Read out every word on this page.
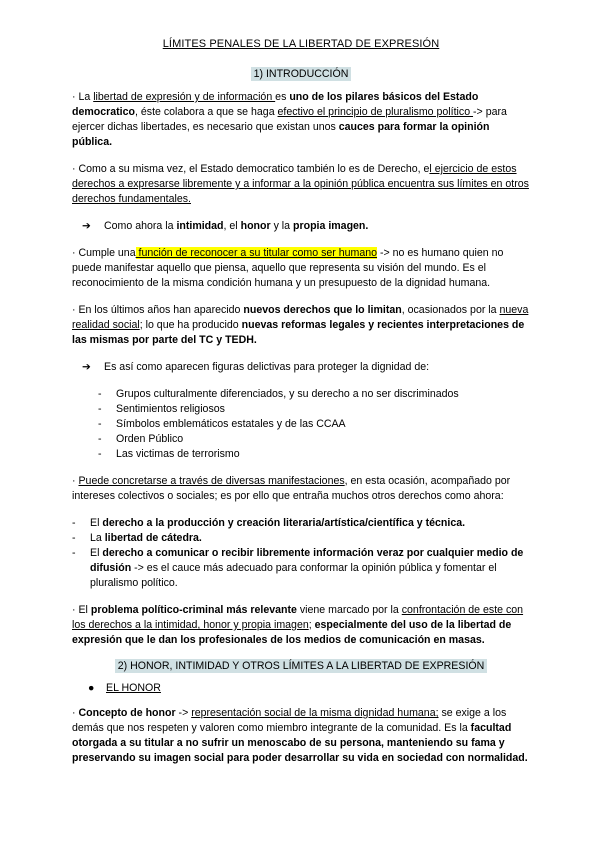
LÍMITES PENALES DE LA LIBERTAD DE EXPRESIÓN
1) INTRODUCCIÓN

· La libertad de expresión y de información es uno de los pilares básicos del Estado democratico, éste colabora a que se haga efectivo el principio de pluralismo político -> para ejercer dichas libertades, es necesario que existan unos cauces para formar la opinión pública.

· Como a su misma vez, el Estado democratico también lo es de Derecho, el ejercicio de estos derechos a expresarse libremente y a informar a la opinión pública encuentra sus límites en otros derechos fundamentales.

➔ Como ahora la intimidad, el honor y la propia imagen.

· Cumple una función de reconocer a su titular como ser humano -> no es humano quien no puede manifestar aquello que piensa, aquello que representa su visión del mundo. Es el reconocimiento de la misma condición humana y un presupuesto de la dignidad humana.

· En los últimos años han aparecido nuevos derechos que lo limitan, ocasionados por la nueva realidad social; lo que ha producido nuevas reformas legales y recientes interpretaciones de las mismas por parte del TC y TEDH.

➔ Es así como aparecen figuras delictivas para proteger la dignidad de:
- Grupos culturalmente diferenciados, y su derecho a no ser discriminados
- Sentimientos religiosos
- Símbolos emblemáticos estatales y de las CCAA
- Orden Público
- Las victimas de terrorismo

· Puede concretarse a través de diversas manifestaciones, en esta ocasión, acompañado por intereses colectivos o sociales; es por ello que entraña muchos otros derechos como ahora:

- El derecho a la producción y creación literaria/artística/científica y técnica.
- La libertad de cátedra.
- El derecho a comunicar o recibir libremente información veraz por cualquier medio de difusión -> es el cauce más adecuado para conformar la opinión pública y fomentar el pluralismo político.

· El problema político-criminal más relevante viene marcado por la confrontación de este con los derechos a la intimidad, honor y propia imagen; especialmente del uso de la libertad de expresión que le dan los profesionales de los medios de comunicación en masas.

2) HONOR, INTIMIDAD Y OTROS LÍMITES A LA LIBERTAD DE EXPRESIÓN
● EL HONOR

· Concepto de honor -> representación social de la misma dignidad humana; se exige a los demás que nos respeten y valoren como miembro integrante de la comunidad. Es la facultad otorgada a su titular a no sufrir un menoscabo de su persona, manteniendo su fama y preservando su imagen social para poder desarrollar su vida en sociedad con normalidad.
